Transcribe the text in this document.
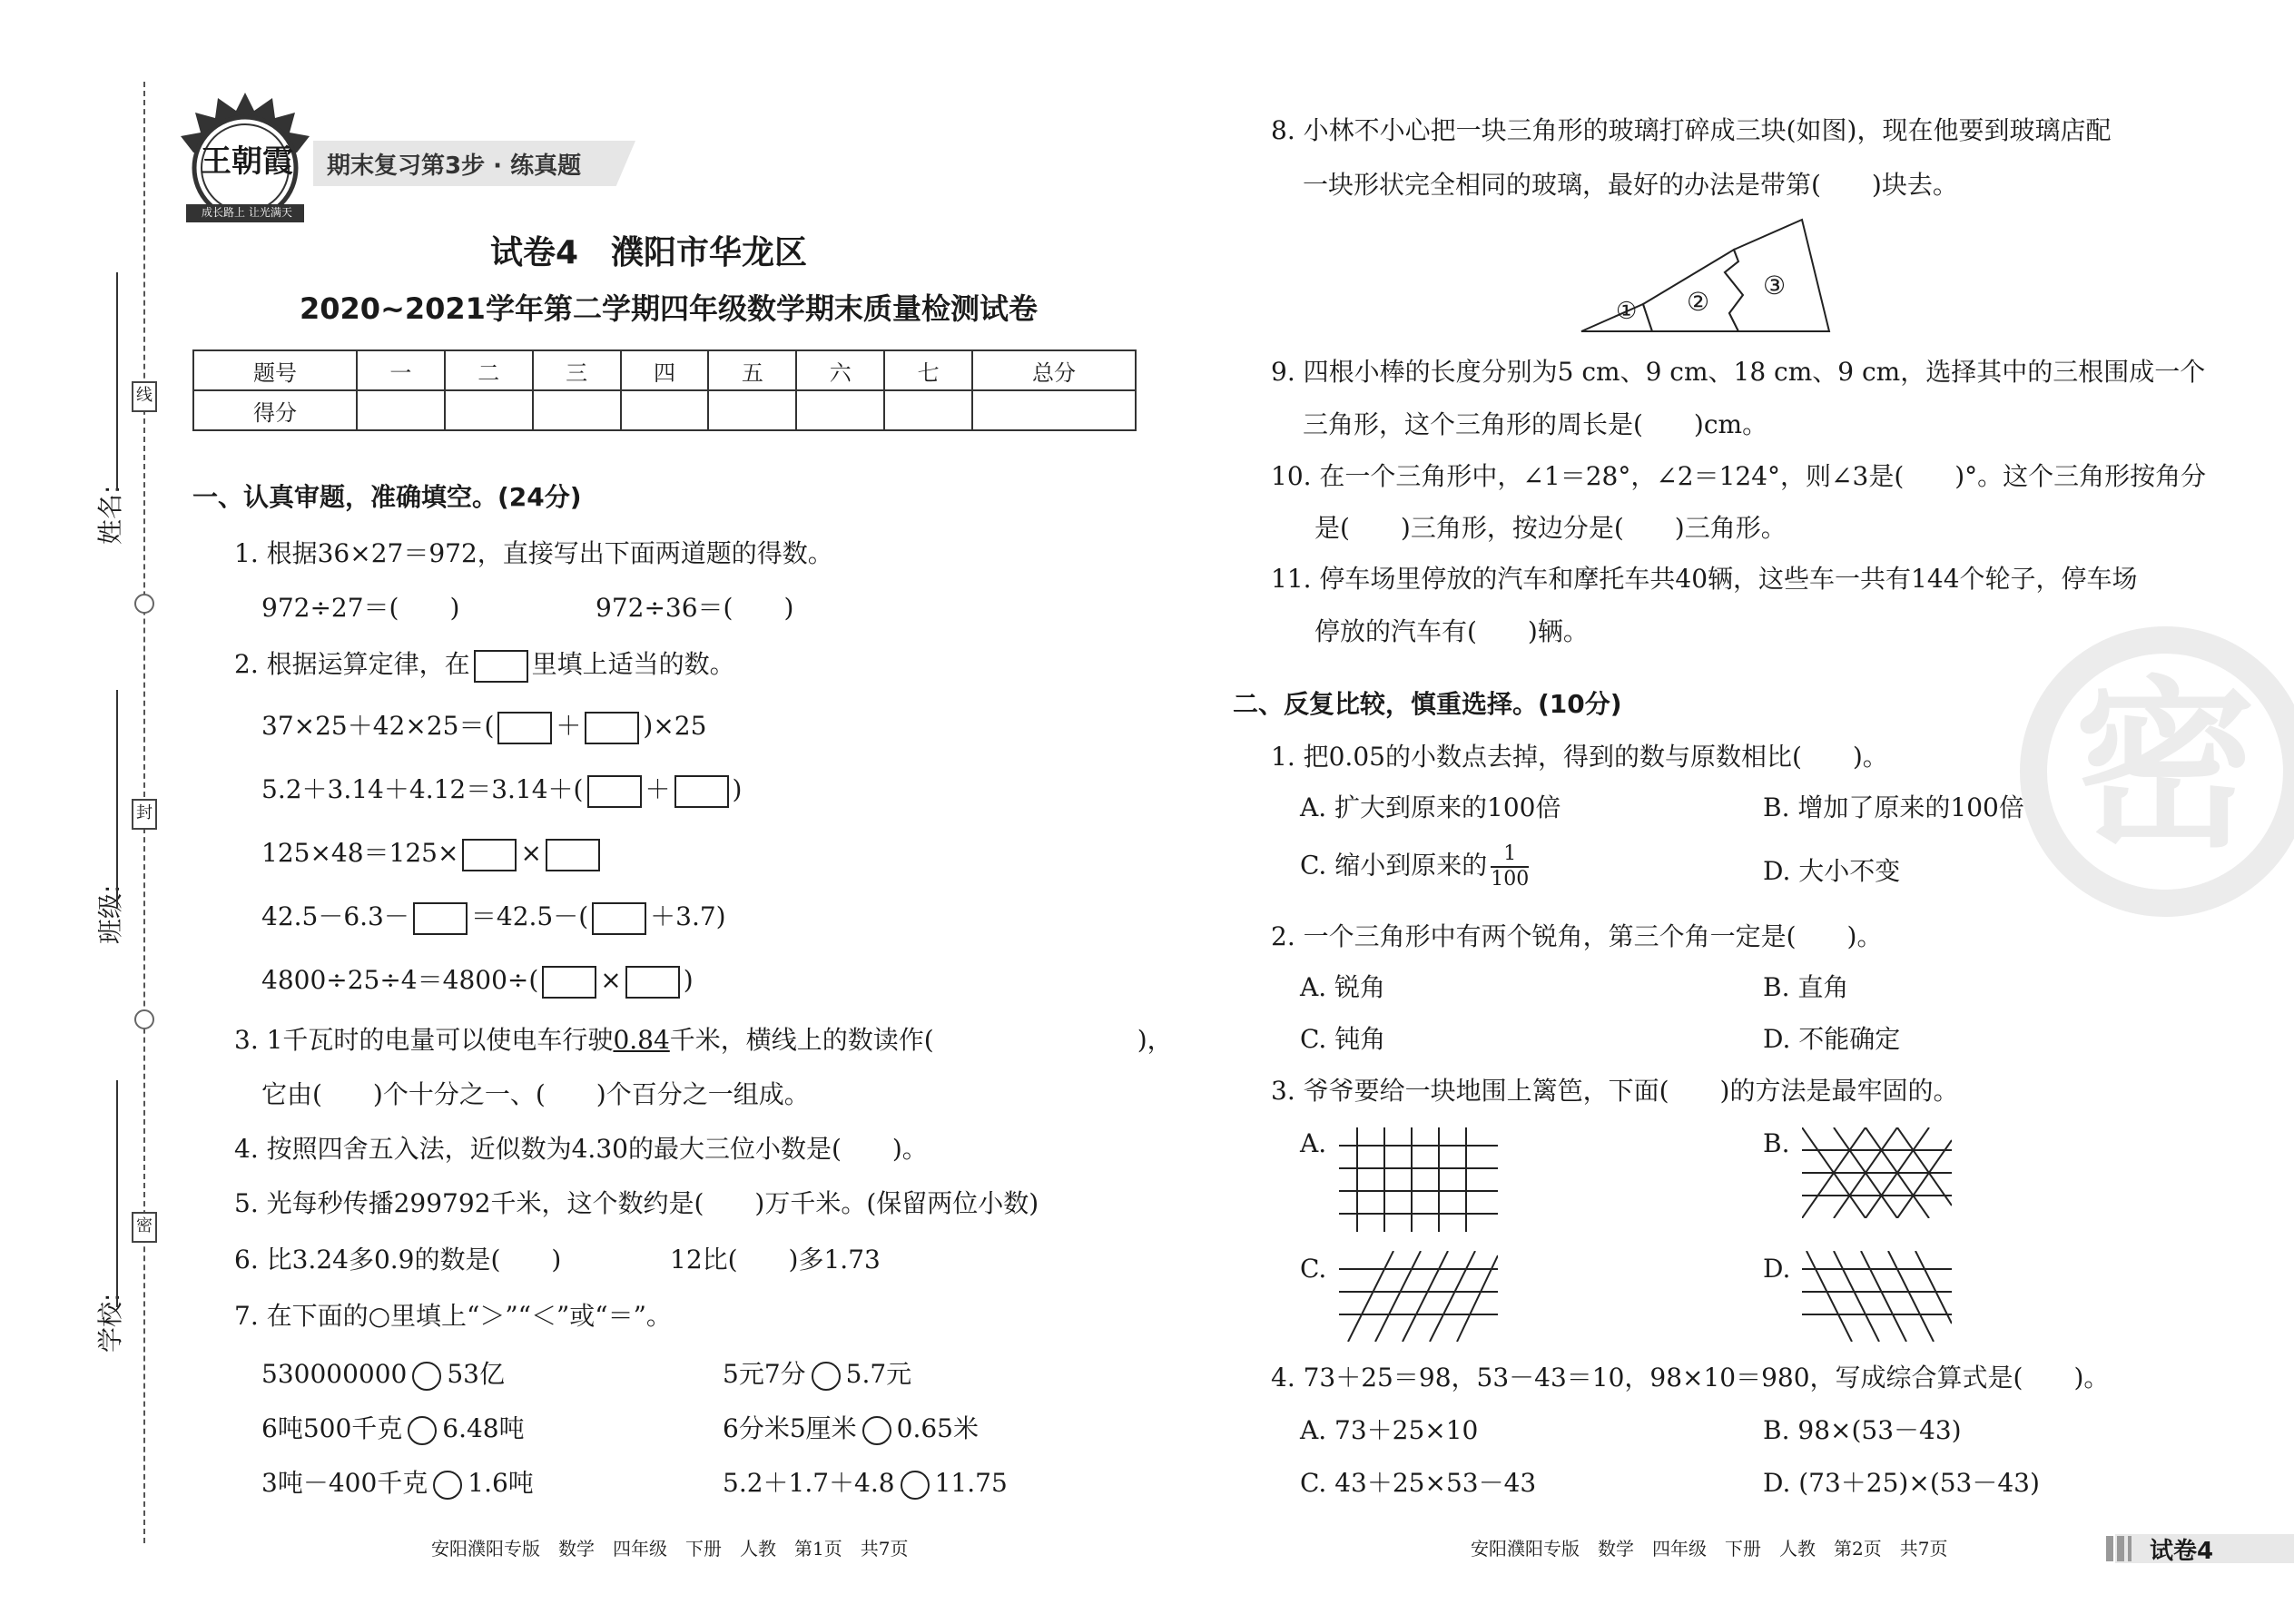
姓名:
班级:
学校:
线
封
密
王朝霞
成长路上 让光满天
期末复习第3步 · 练真题
试卷4　濮阳市华龙区
2020~2021学年第二学期四年级数学期末质量检测试卷
题号	一	二	三	四	五	六	七	总分
得分								
一、认真审题，准确填空。(24分)
1. 根据36×27＝972，直接写出下面两道题的得数。
972÷27＝(　　)	972÷36＝(　　)
2. 根据运算定律，在 里填上适当的数。
37×25＋42×25＝( ＋ )×25
5.2＋3.14＋4.12＝3.14＋( ＋ )
125×48＝125× ×
42.5－6.3－ ＝42.5－( ＋3.7)
4800÷25÷4＝4800÷( × )
3. 1千瓦时的电量可以使电车行驶0.84千米，横线上的数读作(　　　　　　　　)，
它由(　　)个十分之一、(　　)个百分之一组成。
4. 按照四舍五入法，近似数为4.30的最大三位小数是(　　)。
5. 光每秒传播299792千米，这个数约是(　　)万千米。(保留两位小数)
6. 比3.24多0.9的数是(　　)	12比(　　)多1.73
7. 在下面的○里填上“＞”“＜”或“＝”。
530000000 53亿	5元7分 5.7元
6吨500千克 6.48吨	6分米5厘米 0.65米
3吨－400千克 1.6吨	5.2＋1.7＋4.8 11.75
安阳濮阳专版　数学　四年级　下册　人教　第1页　共7页
密
8. 小林不小心把一块三角形的玻璃打碎成三块(如图)，现在他要到玻璃店配
一块形状完全相同的玻璃，最好的办法是带第(　　)块去。
① ②
③
9. 四根小棒的长度分别为5 cm、9 cm、18 cm、9 cm，选择其中的三根围成一个
三角形，这个三角形的周长是(　　)cm。
10. 在一个三角形中，∠1＝28°，∠2＝124°，则∠3是(　　)°。这个三角形按角分
是(　　)三角形，按边分是(　　)三角形。
11. 停车场里停放的汽车和摩托车共40辆，这些车一共有144个轮子，停车场
停放的汽车有(　　)辆。
二、反复比较，慎重选择。(10分)
1. 把0.05的小数点去掉，得到的数与原数相比(　　)。
A. 扩大到原来的100倍	B. 增加了原来的100倍
C. 缩小到原来的 $\frac{1}{100}$	D. 大小不变
2. 一个三角形中有两个锐角，第三个角一定是(　　)。
A. 锐角	B. 直角
C. 钝角	D. 不能确定
3. 爷爷要给一块地围上篱笆，下面(　　)的方法是最牢固的。
A.	B.
C.	D.
4. 73＋25＝98，53－43＝10，98×10＝980，写成综合算式是(　　)。
A. 73＋25×10	B. 98×(53－43)
C. 43＋25×53－43	D. (73＋25)×(53－43)
安阳濮阳专版　数学　四年级　下册　人教　第2页　共7页	试卷4
